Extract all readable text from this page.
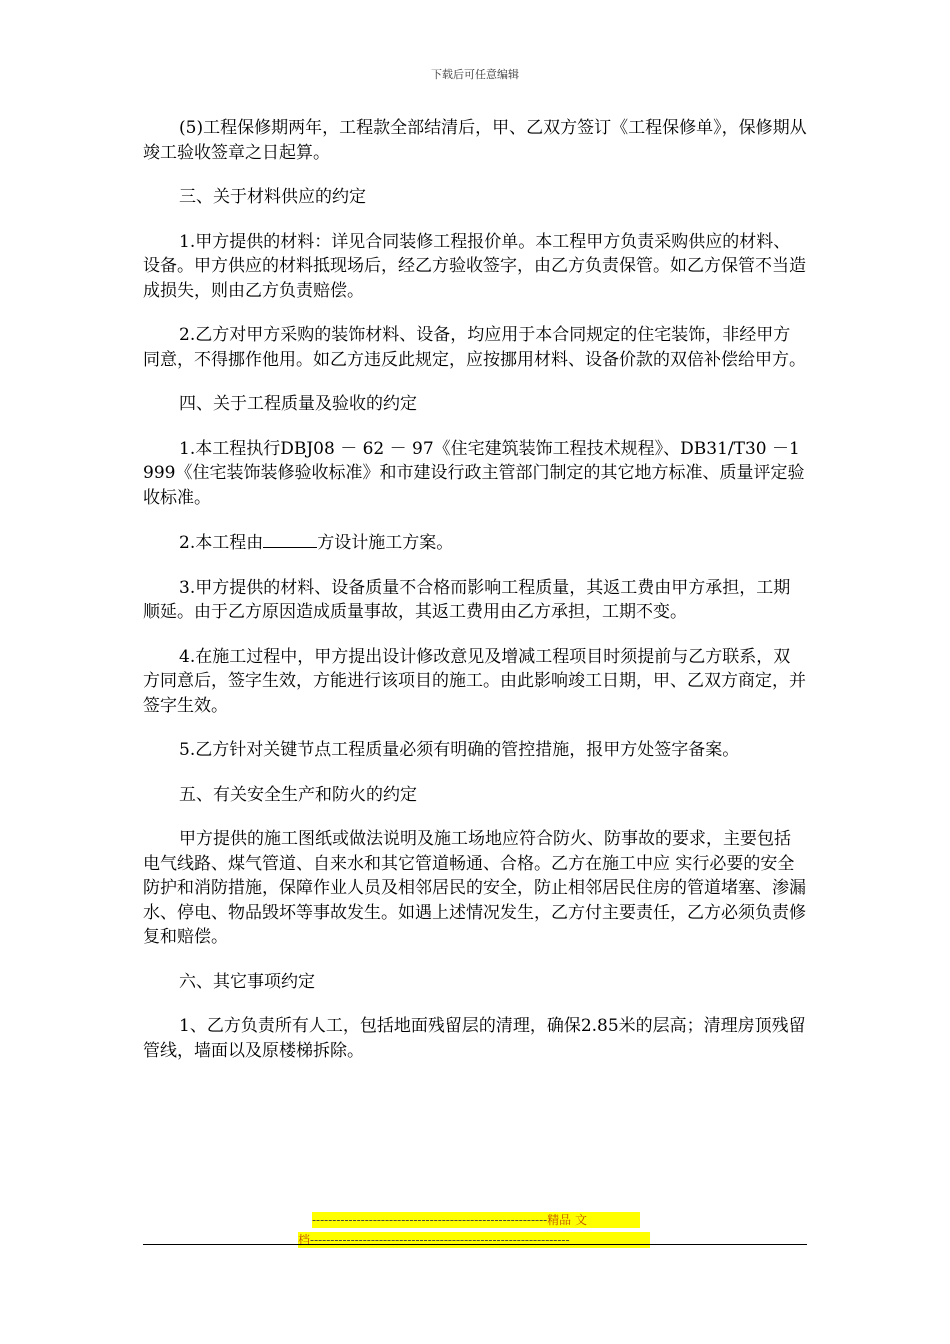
下载后可任意编辑

(5)工程保修期两年，工程款全部结清后，甲、乙双方签订《工程保修单》，保修期从竣工验收签章之日起算。

三、关于材料供应的约定

1.甲方提供的材料：详见合同装修工程报价单。本工程甲方负责采购供应的材料、设备。甲方供应的材料抵现场后，经乙方验收签字，由乙方负责保管。如乙方保管不当造成损失，则由乙方负责赔偿。

2.乙方对甲方采购的装饰材料、设备，均应用于本合同规定的住宅装饰，非经甲方同意，不得挪作他用。如乙方违反此规定，应按挪用材料、设备价款的双倍补偿给甲方。

四、关于工程质量及验收的约定

1.本工程执行DBJ08 － 62 － 97《住宅建筑装饰工程技术规程》、DB31/T30 －1999《住宅装饰装修验收标准》和市建设行政主管部门制定的其它地方标准、质量评定验收标准。

2.本工程由	方设计施工方案。

3.甲方提供的材料、设备质量不合格而影响工程质量，其返工费由甲方承担，工期顺延。由于乙方原因造成质量事故，其返工费用由乙方承担，工期不变。

4.在施工过程中，甲方提出设计修改意见及增减工程项目时须提前与乙方联系，双方同意后，签字生效，方能进行该项目的施工。由此影响竣工日期，甲、乙双方商定，并签字生效。

5.乙方针对关键节点工程质量必须有明确的管控措施，报甲方处签字备案。

五、有关安全生产和防火的约定

甲方提供的施工图纸或做法说明及施工场地应符合防火、防事故的要求，主要包括电气线路、煤气管道、自来水和其它管道畅通、合格。乙方在施工中应 实行必要的安全防护和消防措施，保障作业人员及相邻居民的安全，防止相邻居民住房的管道堵塞、渗漏水、停电、物品毁坏等事故发生。如遇上述情况发生，乙方付主要责任，乙方必须负责修复和赔偿。

六、其它事项约定

1、乙方负责所有人工，包括地面残留层的清理，确保2.85米的层高；清理房顶残留管线，墙面以及原楼梯拆除。

----------------------------------------------------------精品 文
档----------------------------------------------------------------
